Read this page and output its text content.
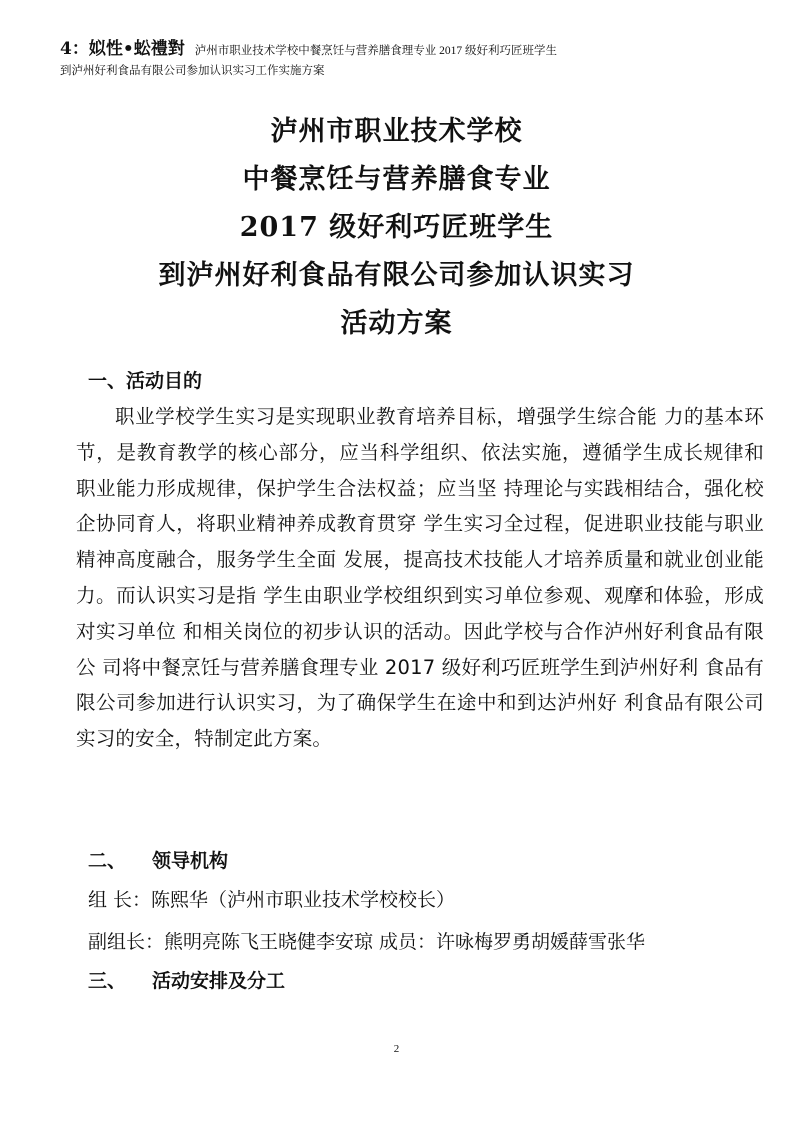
4：姒性•蚣禮對 泸州市职业技术学校中餐烹饪与营养膳食理专业 2017 级好利巧匠班学生
到泸州好利食品有限公司参加认识实习工作实施方案
泸州市职业技术学校
中餐烹饪与营养膳食专业
2017 级好利巧匠班学生
到泸州好利食品有限公司参加认识实习
活动方案
一、活动目的
职业学校学生实习是实现职业教育培养目标，增强学生综合能 力的基本环节，是教育教学的核心部分，应当科学组织、依法实施，遵循学生成长规律和职业能力形成规律，保护学生合法权益；应当坚 持理论与实践相结合，强化校企协同育人，将职业精神养成教育贯穿 学生实习全过程，促进职业技能与职业精神高度融合，服务学生全面 发展，提高技术技能人才培养质量和就业创业能力。而认识实习是指 学生由职业学校组织到实习单位参观、观摩和体验，形成对实习单位 和相关岗位的初步认识的活动。因此学校与合作泸州好利食品有限公 司将中餐烹饪与营养膳食理专业 2017 级好利巧匠班学生到泸州好利 食品有限公司参加进行认识实习，为了确保学生在途中和到达泸州好 利食品有限公司实习的安全，特制定此方案。
二、 领导机构
组 长：陈熙华（泸州市职业技术学校校长）
副组长：熊明亮陈飞王晓健李安琼 成员：许咏梅罗勇胡媛薛雪张华
三、 活动安排及分工
2
